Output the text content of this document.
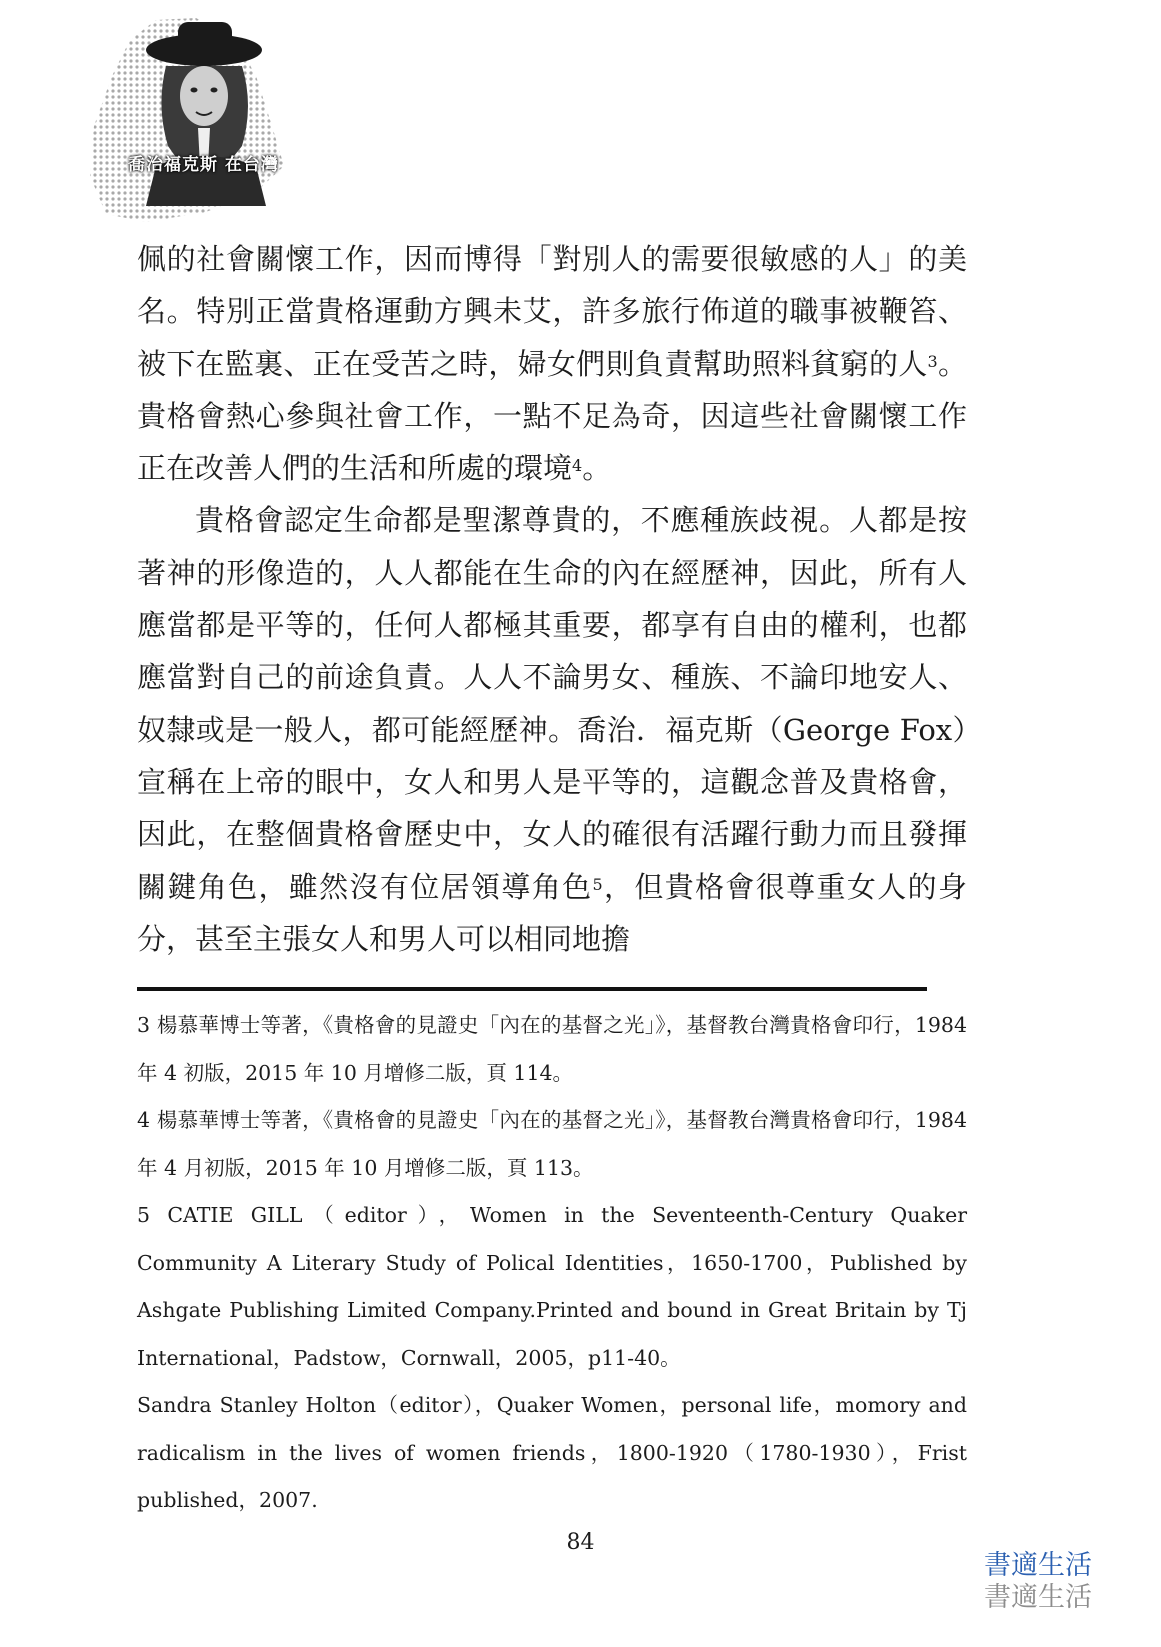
喬治福克斯 在台灣

佩的社會關懷工作，因而博得「對別人的需要很敏感的人」的美名。特別正當貴格運動方興未艾，許多旅行佈道的職事被鞭笞、被下在監裏、正在受苦之時，婦女們則負責幫助照料貧窮的人$^3$。貴格會熱心參與社會工作，一點不足為奇，因這些社會關懷工作正在改善人們的生活和所處的環境$^4$。

貴格會認定生命都是聖潔尊貴的，不應種族歧視。人都是按著神的形像造的，人人都能在生命的內在經歷神，因此，所有人應當都是平等的，任何人都極其重要，都享有自由的權利，也都應當對自己的前途負責。人人不論男女、種族、不論印地安人、奴隸或是一般人，都可能經歷神。喬治．福克斯（George Fox）宣稱在上帝的眼中，女人和男人是平等的，這觀念普及貴格會，因此，在整個貴格會歷史中，女人的確很有活躍行動力而且發揮關鍵角色，雖然沒有位居領導角色$^5$，但貴格會很尊重女人的身分，甚至主張女人和男人可以相同地擔

3 楊慕華博士等著，《貴格會的見證史「內在的基督之光」》，基督教台灣貴格會印行，1984 年 4 初版，2015 年 10 月增修二版，頁 114。

4 楊慕華博士等著，《貴格會的見證史「內在的基督之光」》，基督教台灣貴格會印行，1984 年 4 月初版，2015 年 10 月增修二版，頁 113。

5 CATIE GILL（editor），Women in the Seventeenth-Century Quaker Community A Literary Study of Polical Identities，1650-1700，Published by Ashgate Publishing Limited Company.Printed and bound in Great Britain by Tj International，Padstow，Cornwall，2005，p11-40。

Sandra Stanley Holton（editor），Quaker Women，personal life，momory and radicalism in the lives of women friends，1800-1920（1780-1930），Frist published，2007.

84
書適生活
書適生活
